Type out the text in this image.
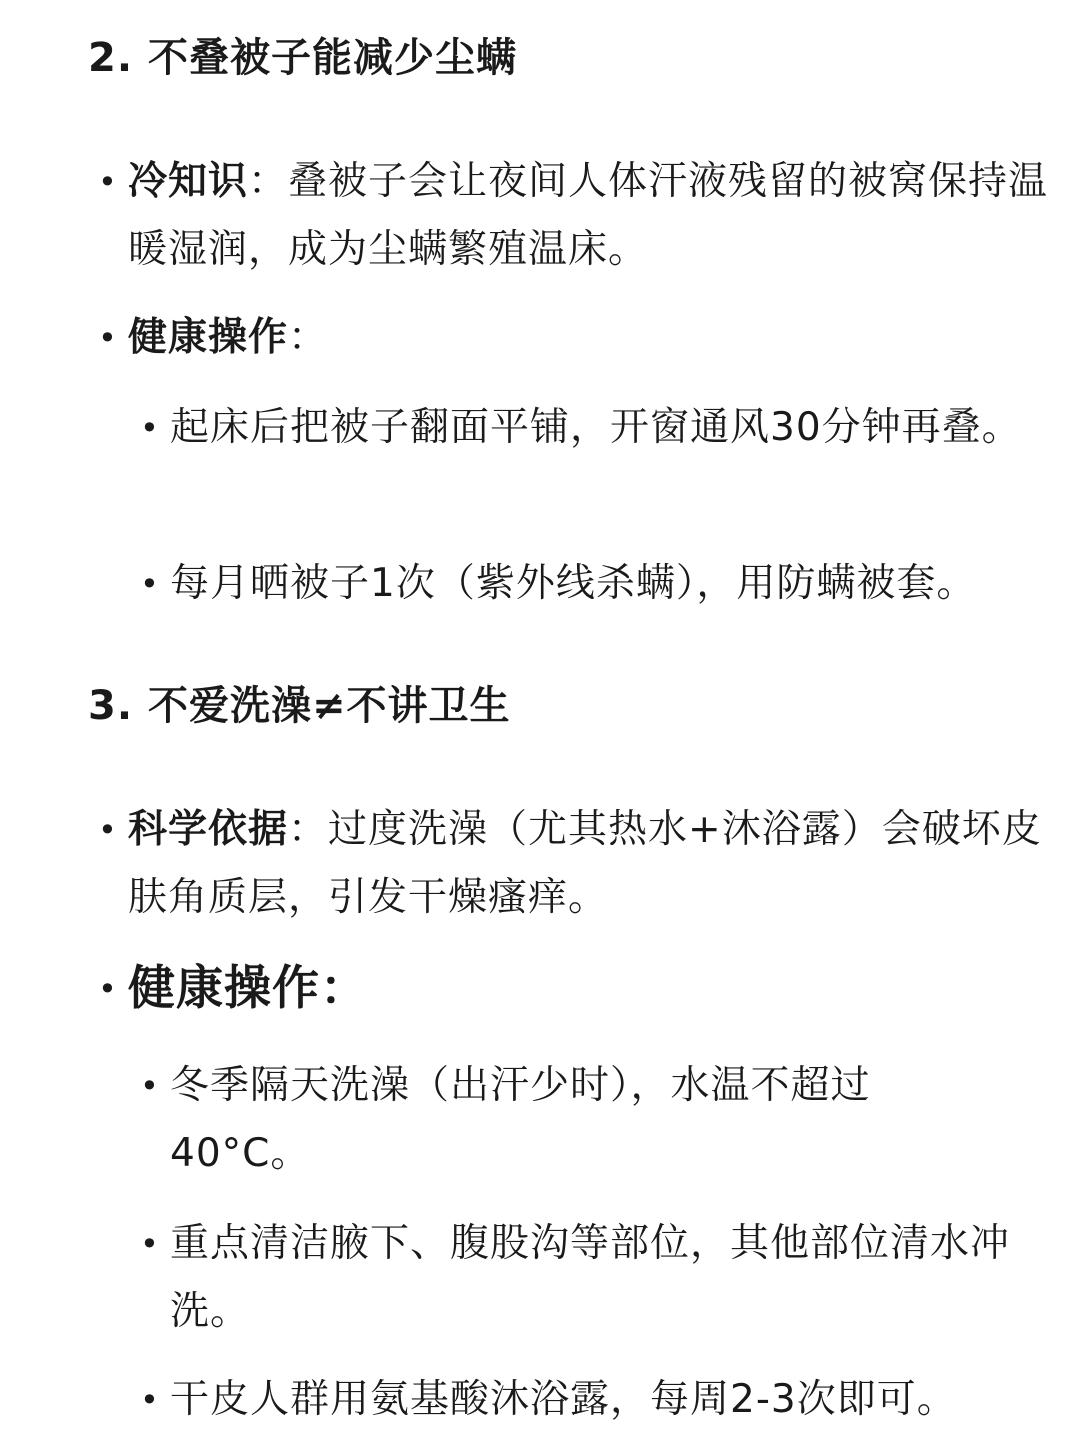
2. 不叠被子能减少尘螨
• 冷知识：叠被子会让夜间人体汗液残留的被窝保持温暖湿润，成为尘螨繁殖温床。
• 健康操作：
• 起床后把被子翻面平铺，开窗通风30分钟再叠。
• 每月晒被子1次（紫外线杀螨），用防螨被套。
3. 不爱洗澡≠不讲卫生
• 科学依据：过度洗澡（尤其热水+沐浴露）会破坏皮肤角质层，引发干燥瘙痒。
• 健康操作：
• 冬季隔天洗澡（出汗少时），水温不超过40°C。
• 重点清洁腋下、腹股沟等部位，其他部位清水冲洗。
• 干皮人群用氨基酸沐浴露，每周2-3次即可。
